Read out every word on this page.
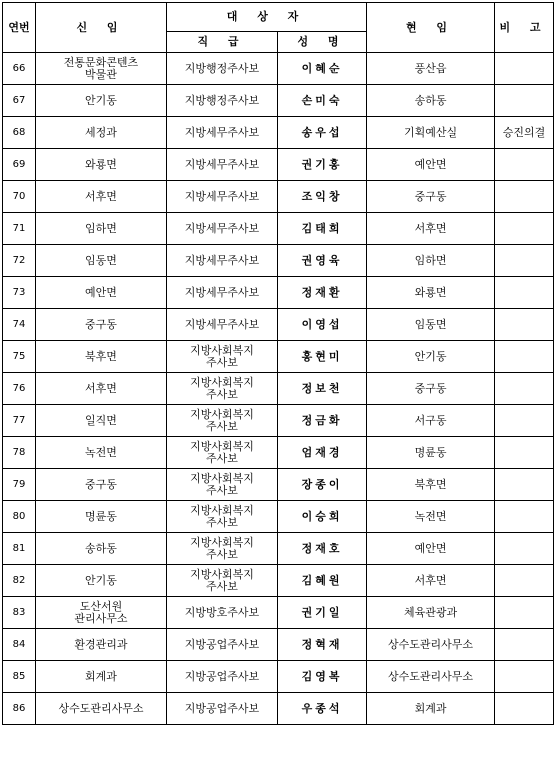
연번	신 임	대 상 자		현 임	비 고
		직 급	성 명		
66	전통문화콘텐츠
박물관	지방행정주사보	이혜순	풍산읍	
67	안기동	지방행정주사보	손미숙	송하동	
68	세정과	지방세무주사보	송우섭	기획예산실	승진의결
69	와룡면	지방세무주사보	권기홍	예안면	
70	서후면	지방세무주사보	조익창	중구동	
71	임하면	지방세무주사보	김태희	서후면	
72	임동면	지방세무주사보	권영육	임하면	
73	예안면	지방세무주사보	정재환	와룡면	
74	중구동	지방세무주사보	이영섭	임동면	
75	북후면	지방사회복지
주사보	홍현미	안기동	
76	서후면	지방사회복지
주사보	정보천	중구동	
77	일직면	지방사회복지
주사보	정금화	서구동	
78	녹전면	지방사회복지
주사보	엄재경	명륜동	
79	중구동	지방사회복지
주사보	장종이	북후면	
80	명륜동	지방사회복지
주사보	이승희	녹전면	
81	송하동	지방사회복지
주사보	정재호	예안면	
82	안기동	지방사회복지
주사보	김혜원	서후면	
83	도산서원
관리사무소	지방방호주사보	권기일	체육관광과	
84	환경관리과	지방공업주사보	정혁재	상수도관리사무소	
85	회계과	지방공업주사보	김영복	상수도관리사무소	
86	상수도관리사무소	지방공업주사보	우종석	회계과	
